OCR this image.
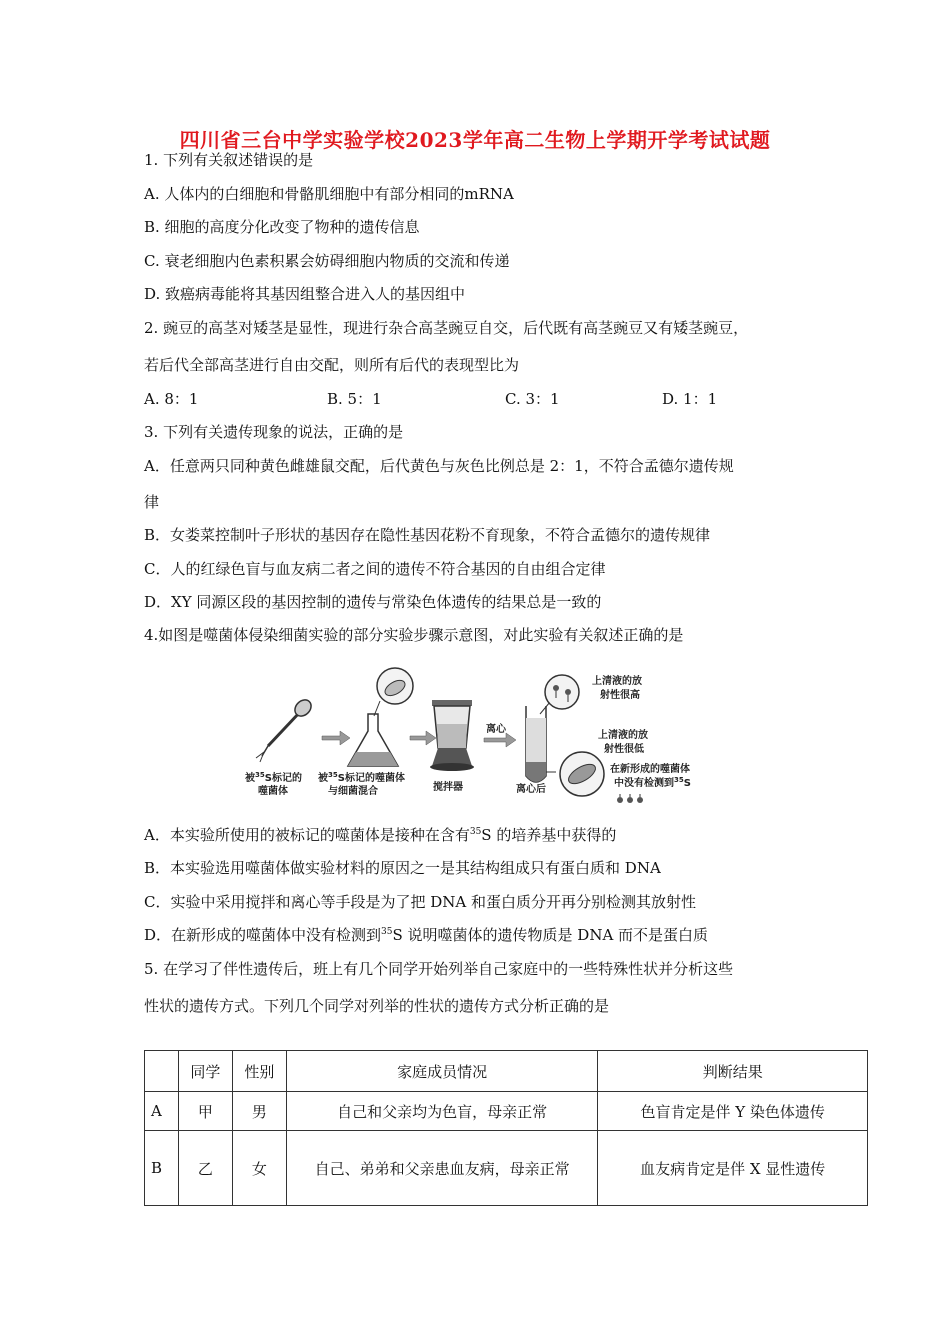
四川省三台中学实验学校2023学年高二生物上学期开学考试试题
1. 下列有关叙述错误的是
A. 人体内的白细胞和骨骼肌细胞中有部分相同的mRNA
B. 细胞的高度分化改变了物种的遗传信息
C. 衰老细胞内色素积累会妨碍细胞内物质的交流和传递
D. 致癌病毒能将其基因组整合进入人的基因组中
2. 豌豆的高茎对矮茎是显性，现进行杂合高茎豌豆自交，后代既有高茎豌豆又有矮茎豌豆，
若后代全部高茎进行自由交配，则所有后代的表现型比为
A. 8：1	B. 5：1	C. 3：1	D. 1：1
3. 下列有关遗传现象的说法，正确的是
A．任意两只同种黄色雌雄鼠交配，后代黄色与灰色比例总是 2：1，不符合孟德尔遗传规
律
B．女娄菜控制叶子形状的基因存在隐性基因花粉不育现象，不符合孟德尔的遗传规律
C．人的红绿色盲与血友病二者之间的遗传不符合基因的自由组合定律
D．XY 同源区段的基因控制的遗传与常染色体遗传的结果总是一致的
4.如图是噬菌体侵染细菌实验的部分实验步骤示意图，对此实验有关叙述正确的是
被$^{35}$S标记的
噬菌体
被$^{35}$S标记的噬菌体
与细菌混合	搅拌器
离心
离心后
上清液的放
射性很高
上清液的放
射性很低
在新形成的噬菌体
中没有检测到$^{35}$S
A．本实验所使用的被标记的噬菌体是接种在含有$^{35}$S 的培养基中获得的
B．本实验选用噬菌体做实验材料的原因之一是其结构组成只有蛋白质和 DNA
C．实验中采用搅拌和离心等手段是为了把 DNA 和蛋白质分开再分别检测其放射性
D．在新形成的噬菌体中没有检测到$^{35}$S 说明噬菌体的遗传物质是 DNA 而不是蛋白质
5. 在学习了伴性遗传后，班上有几个同学开始列举自己家庭中的一些特殊性状并分析这些
性状的遗传方式。下列几个同学对列举的性状的遗传方式分析正确的是
	同学	性别	家庭成员情况	判断结果
A	甲	男	自己和父亲均为色盲，母亲正常	色盲肯定是伴 Y 染色体遗传
B	乙	女	自己、弟弟和父亲患血友病，母亲正常	血友病肯定是伴 X 显性遗传
